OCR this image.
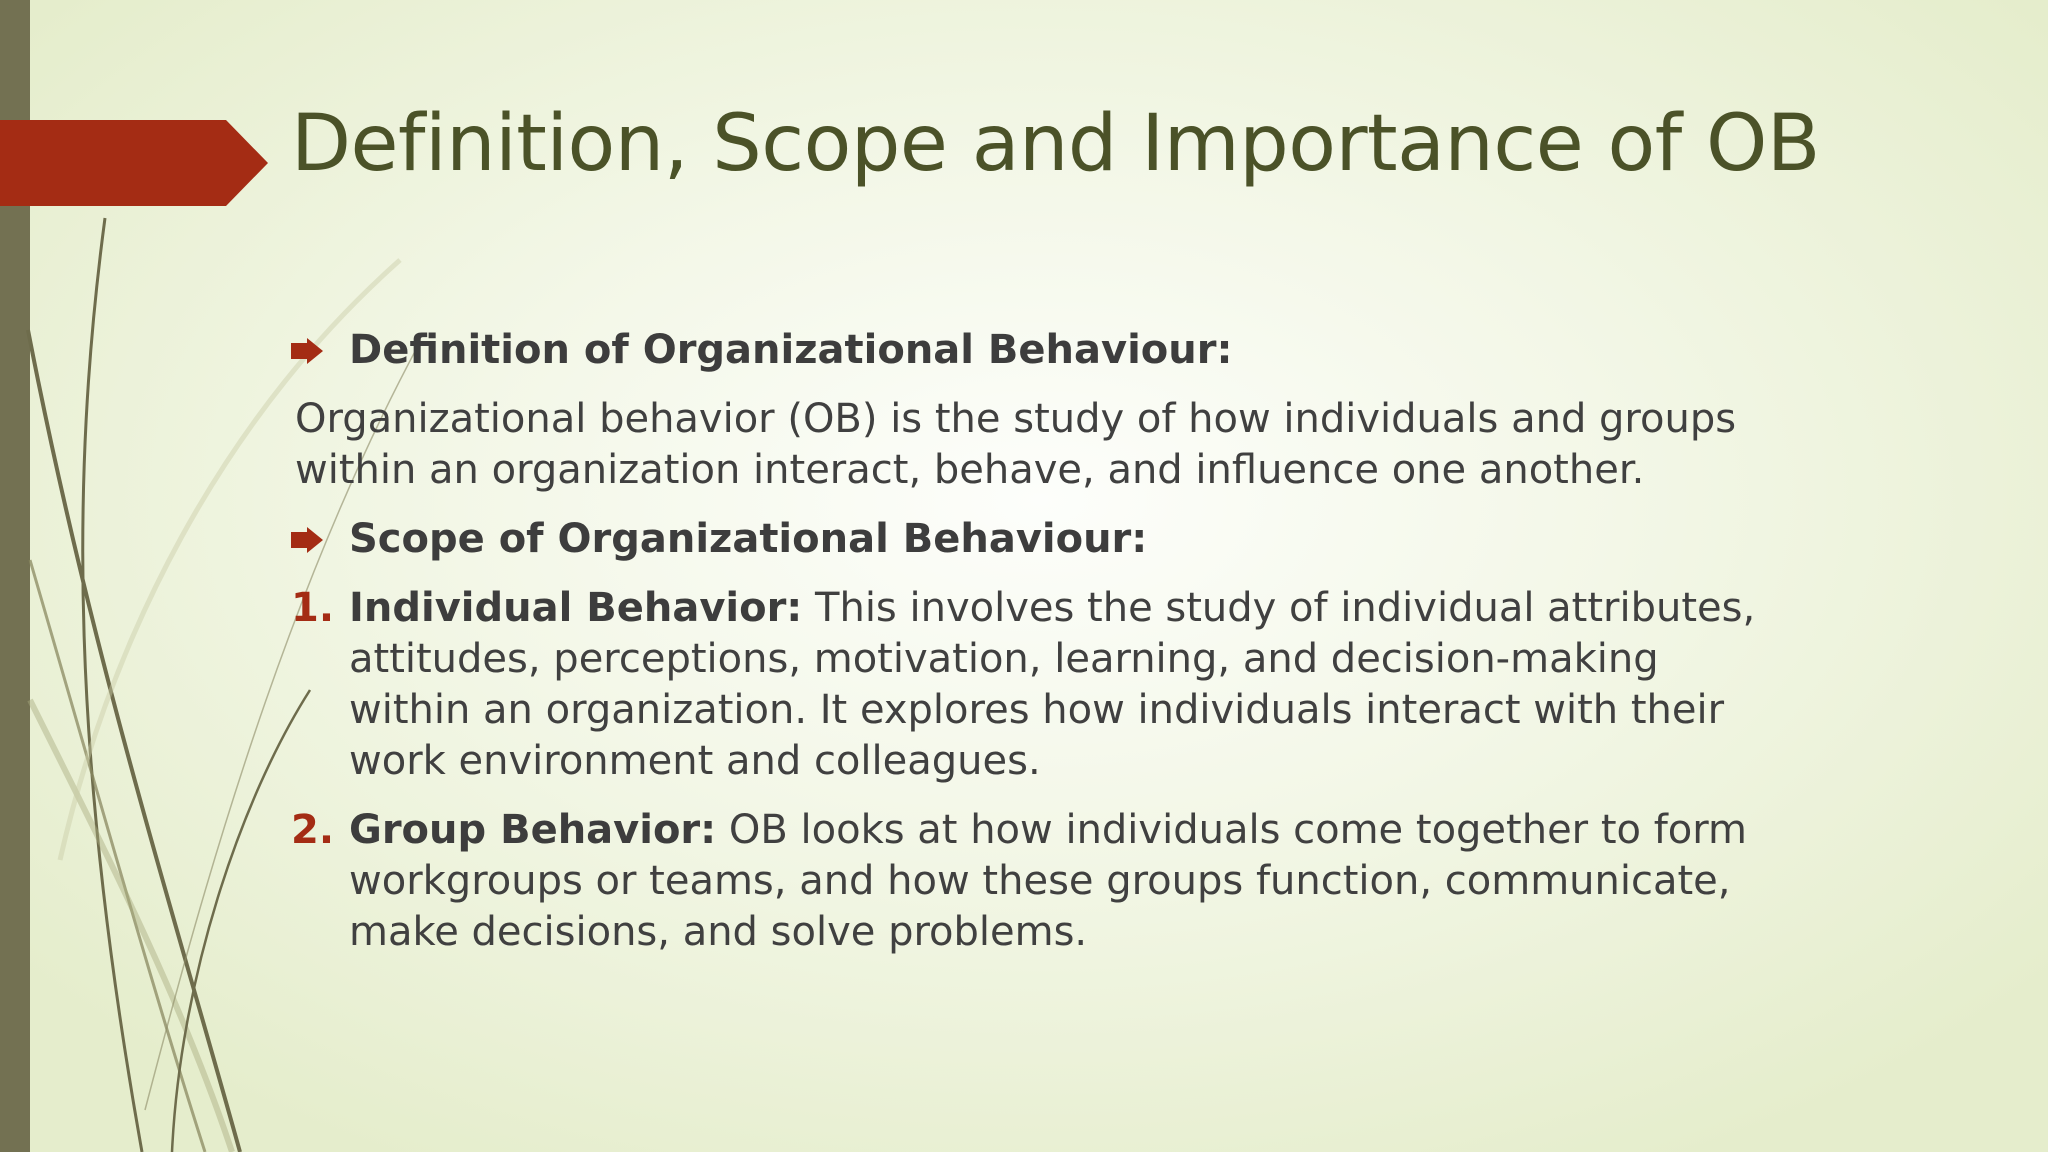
Definition, Scope and Importance of OB
Definition of Organizational Behaviour:

Organizational behavior (OB) is the study of how individuals and groups within an organization interact, behave, and influence one another.

Scope of Organizational Behaviour:
1. Individual Behavior: This involves the study of individual attributes, attitudes, perceptions, motivation, learning, and decision-making within an organization. It explores how individuals interact with their work environment and colleagues.
2. Group Behavior: OB looks at how individuals come together to form workgroups or teams, and how these groups function, communicate, make decisions, and solve problems.
